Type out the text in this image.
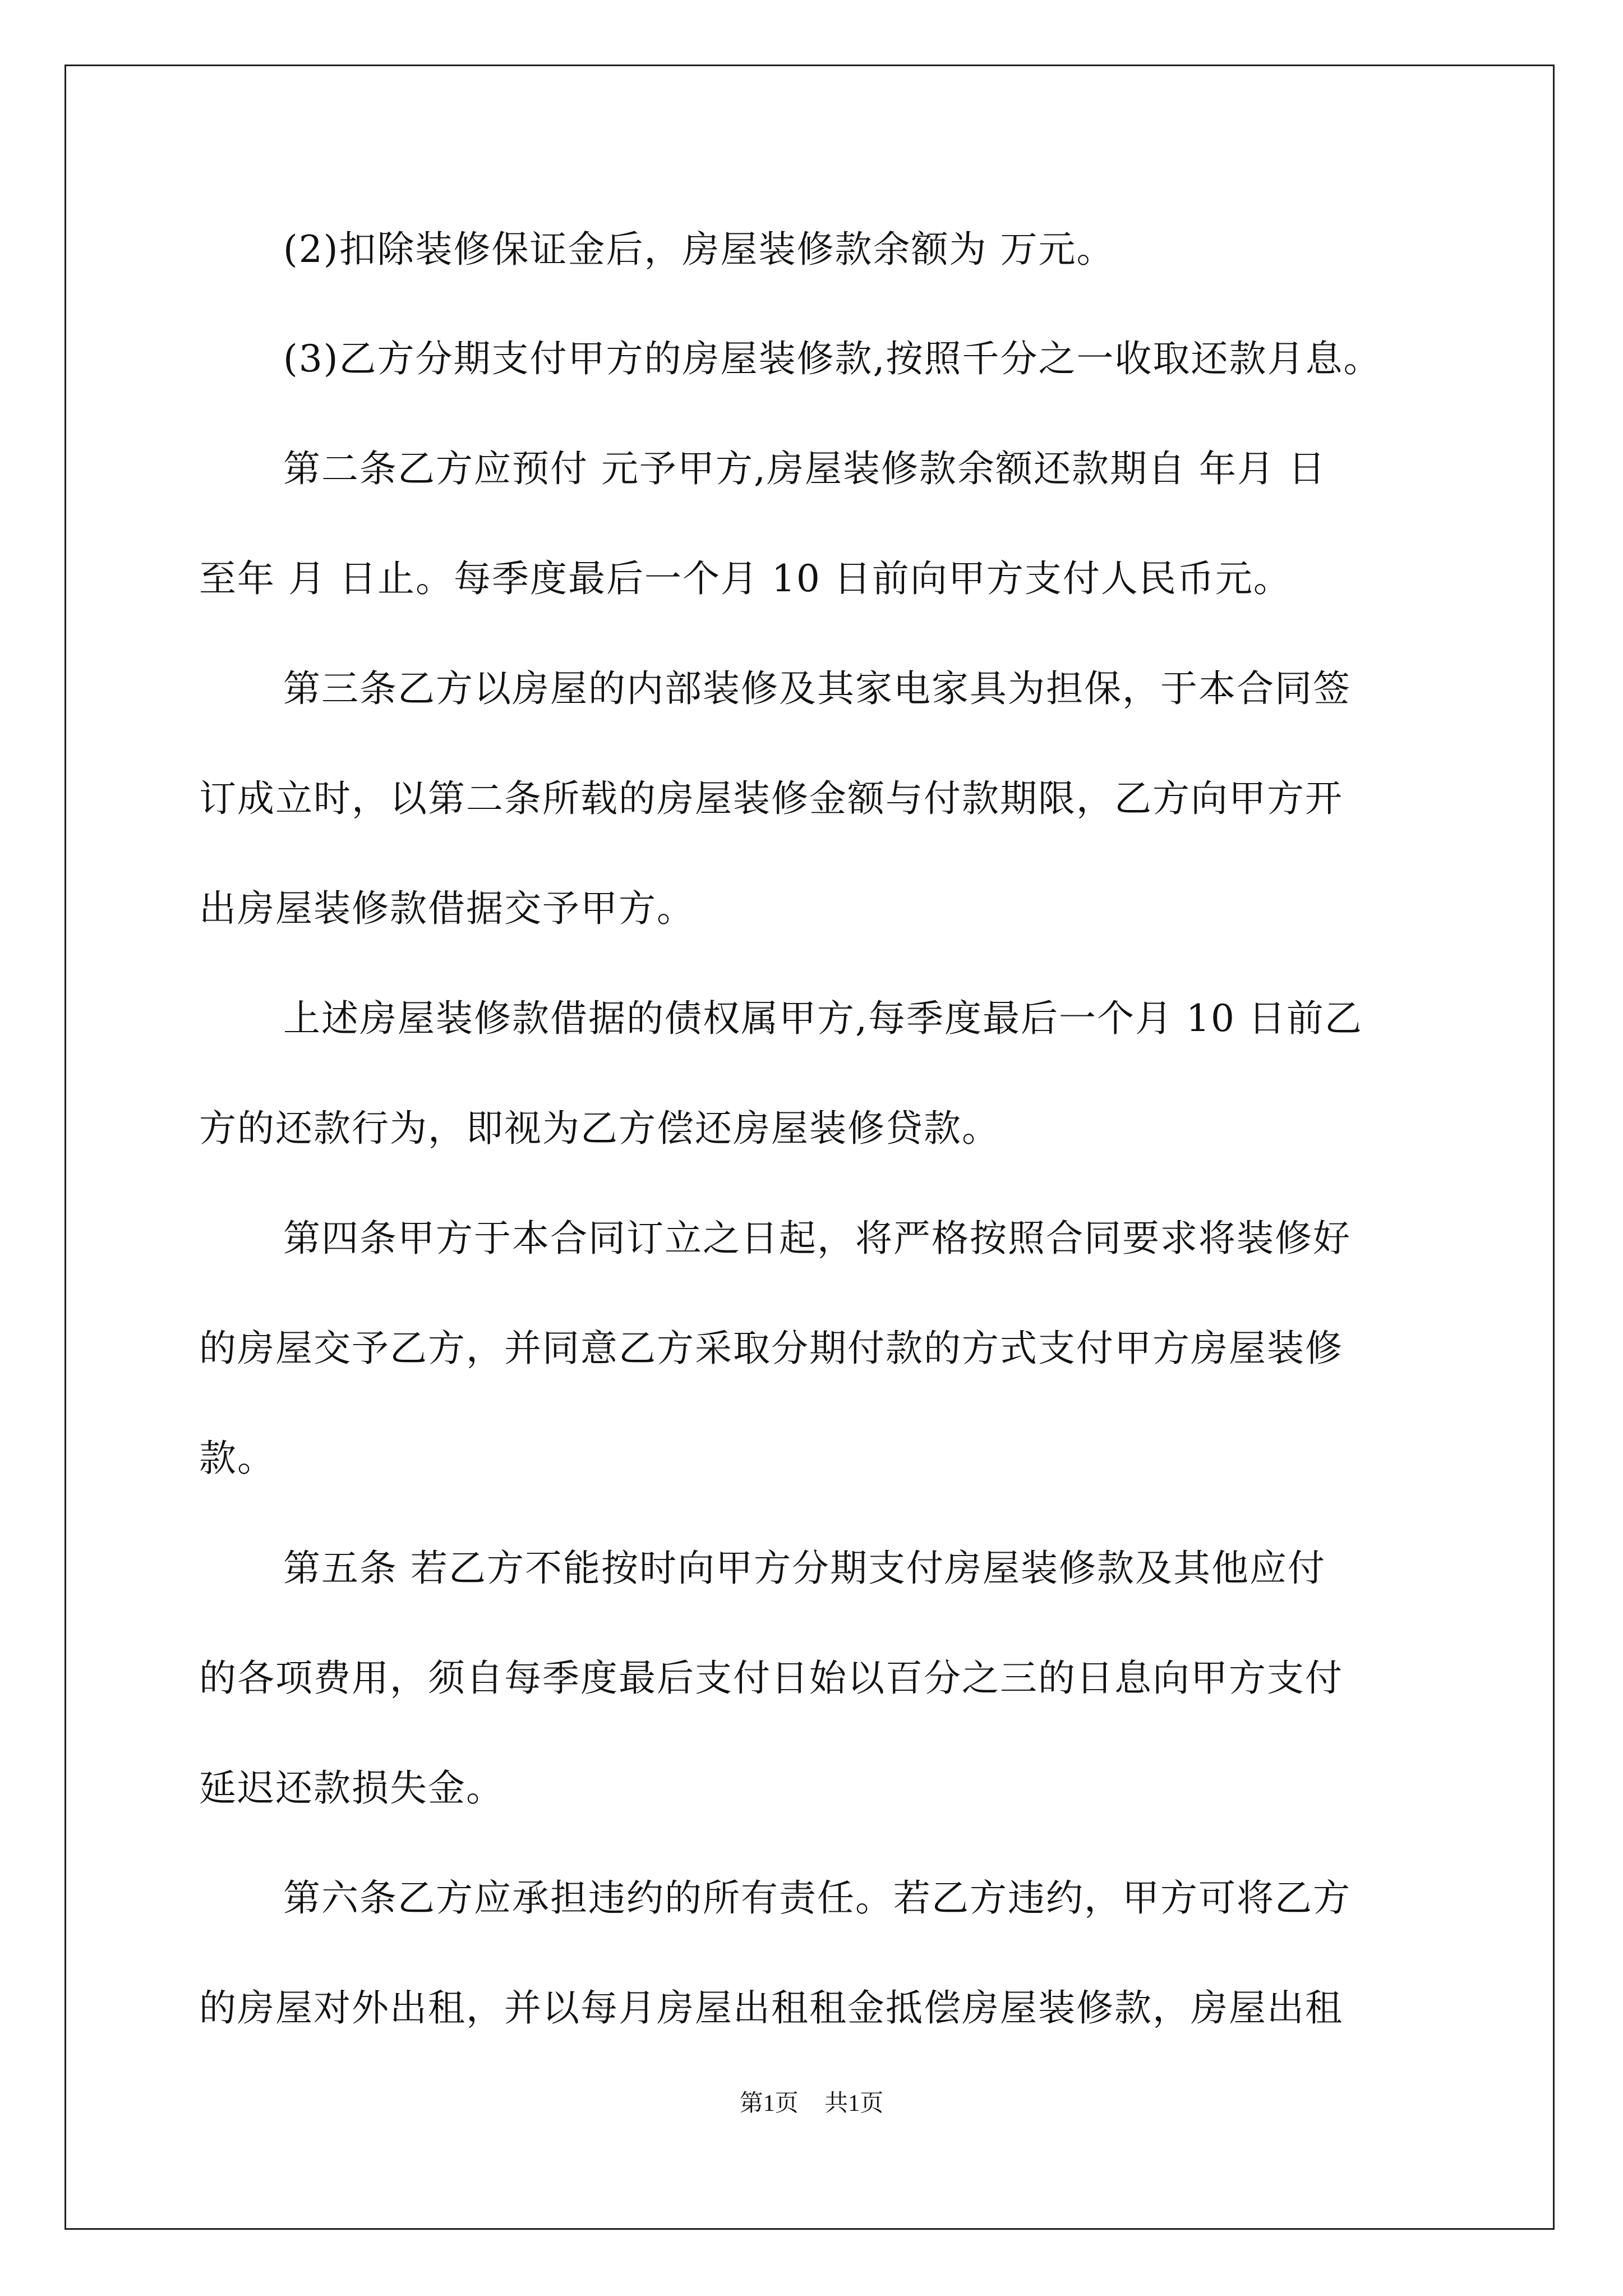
(2)扣除装修保证金后，房屋装修款余额为 万元。
(3)乙方分期支付甲方的房屋装修款,按照千分之一收取还款月息。
第二条乙方应预付 元予甲方,房屋装修款余额还款期自 年月 日
至年 月 日止。每季度最后一个月 10 日前向甲方支付人民币元。
第三条乙方以房屋的内部装修及其家电家具为担保，于本合同签
订成立时，以第二条所载的房屋装修金额与付款期限，乙方向甲方开
出房屋装修款借据交予甲方。
上述房屋装修款借据的债权属甲方,每季度最后一个月 10 日前乙
方的还款行为，即视为乙方偿还房屋装修贷款。
第四条甲方于本合同订立之日起，将严格按照合同要求将装修好
的房屋交予乙方，并同意乙方采取分期付款的方式支付甲方房屋装修
款。
第五条 若乙方不能按时向甲方分期支付房屋装修款及其他应付
的各项费用，须自每季度最后支付日始以百分之三的日息向甲方支付
延迟还款损失金。
第六条乙方应承担违约的所有责任。若乙方违约，甲方可将乙方
的房屋对外出租，并以每月房屋出租租金抵偿房屋装修款，房屋出租
第1页 共1页
